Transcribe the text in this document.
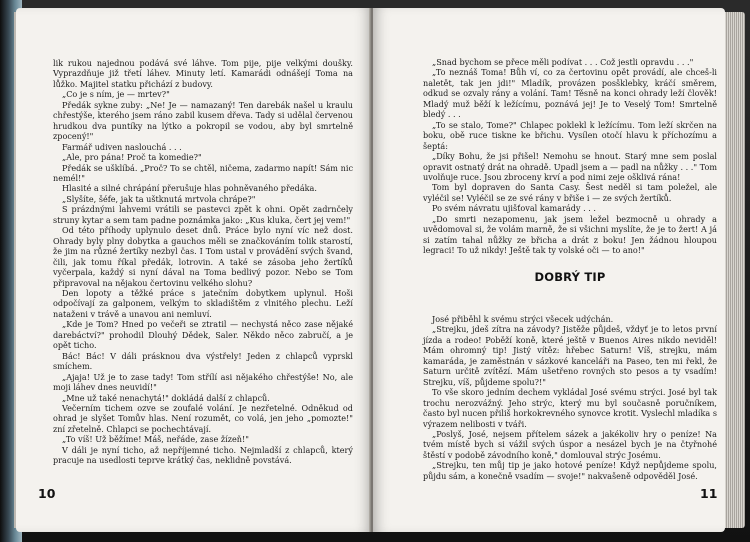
lik rukou najednou podává své láhve. Tom pije, pije velkými doušky. Vyprazdňuje již třetí láhev. Minuty letí. Kamarádi odnášejí Toma na lůžko. Majitel statku přichází z budovy.

„Co je s ním, je — mrtev?"

Předák sykne zuby: „Ne! Je — namazaný! Ten darebák našel u kraulu chřestýše, kterého jsem ráno zabil kusem dřeva. Tady si udělal červenou hrudkou dva puntíky na lýtko a pokropil se vodou, aby byl smrtelně zpocený!"

Farmář udiven naslouchá . . .

„Ale, pro pána! Proč ta komedie?"

Předák se ušklíbá. „Proč? To se chtěl, ničema, zadarmo napít! Sám nic nemél!"

Hlasité a silné chrápání přerušuje hlas pohněvaného předáka.

„Slyšíte, šéfe, jak ta uštknutá mrtvola chrápe?"

S prázdnými lahvemi vrátili se pastevci zpět k ohni. Opět zadrnčely struny kytar a sem tam padne poznámka jako: „Kus kluka, čert jej vem!"

Od této příhody uplynulo deset dnů. Práce bylo nyní víc než dost. Ohrady byly plny dobytka a gauchos měli se značkováním tolik starostí, že jim na různé žertíky nezbyl čas. I Tom ustal v provádění svých švand, čili, jak tomu říkal předák, lotrovin. A také se zásoba jeho žertíků vyčerpala, každý si nyní dával na Toma bedlivý pozor. Nebo se Tom připravoval na nějakou čertovinu velkého slohu?

Den lopoty a těžké práce s jatečním dobytkem uplynul. Hoši odpočívají za galponem, velkým to skladištěm z vlnitého plechu. Leží nataženi v trávě a unavou ani nemluví.

„Kde je Tom? Hned po večeři se ztratil — nechystá něco zase nějaké darebáctví?" prohodil Dlouhý Dědek, Saler. Někdo něco zabručí, a je opět ticho.

Bác! Bác! V dáli prásknou dva výstřely! Jeden z chlapců vyprskl smíchem.

„Ajaja! Už je to zase tady! Tom střílí asi nějakého chřestýše! No, ale moji láhev dnes neuvidí!"

„Mne už také nenachytá!" dokládá další z chlapců.

Večerním tichem ozve se zoufalé volání. Je nezřetelné. Odněkud od ohrad je slyšet Tomův hlas. Není rozumět, co volá, jen jeho „pomozte!" zní zřetelně. Chlapci se pochechtávají.

„To víš! Už běžíme! Máš, neřáde, zase žízeň!"

V dáli je nyní ticho, až nepříjemné ticho. Nejmladší z chlapců, který pracuje na usedlosti teprve krátký čas, neklidně povstává.

10

„Snad bychom se přece měli podívat . . . Což jestli opravdu . . ."

„To neznáš Toma! Bůh ví, co za čertovinu opět provádí, ale chceš-li naletět, tak jen jdi!" Mladík, provázen posšklebky, kráčí směrem, odkud se ozvaly rány a volání. Tam! Těsně na konci ohrady leží člověk! Mladý muž běží k ležícímu, poznává jej! Je to Veselý Tom! Smrtelně bledý . . .

„To se stalo, Tome?" Chlapec poklekl k ležícímu. Tom leží skrčen na boku, obě ruce tiskne ke břichu. Vysílen otočí hlavu k příchozímu a šeptá:

„Díky Bohu, že jsi přišel! Nemohu se hnout. Starý mne sem poslal opravit ostnatý drát na ohradě. Upadl jsem a — padl na nůžky . . ." Tom uvolňuje ruce. Jsou zbroceny krví a pod nimi zeje ošklivá rána!

Tom byl dopraven do Santa Casy. Šest neděl si tam poležel, ale vyléčil se! Vyléčil se ze své rány v břiše i — ze svých žertíků.

Po svém návratu ujišťoval kamarády . . .

„Do smrti nezapomenu, jak jsem ležel bezmocně u ohrady a uvědomoval si, že volám marně, že si všichni myslíte, že je to žert! A já si zatím tahal nůžky ze břicha a drát z boku! Jen žádnou hloupou legraci! To už nikdy! Ještě tak ty volské oči — to ano!"

DOBRÝ TIP

José přiběhl k svému strýci všecek udýchán.

„Strejku, jdeš zítra na závody? Jistěže půjdeš, vždyť je to letos první jízda a rodeo! Poběží koně, které ještě v Buenos Aires nikdo neviděl! Mám ohromný tip! Jistý vítěz: hřebec Saturn! Víš, strejku, mám kamaráda, je zaměstnán v sázkové kanceláři na Paseo, ten mi řekl, že Saturn určitě zvítězí. Mám ušetřeno rovných sto pesos a ty vsadím! Strejku, víš, půjdeme spolu?!"

To vše skoro jedním dechem vykládal José svému strýci. José byl tak trochu nerozvážný. Jeho strýc, který mu byl současně poručníkem, často byl nucen přiliš horkokrevného synovce krotit. Vyslechl mladíka s výrazem nelibosti v tváři.

„Poslyš, José, nejsem přítelem sázek a jakékoliv hry o peníze! Na tvém místě bych si vážil svých úspor a nesázel bych je na čtyřnohé štěstí v podobě závodního koně," domlouval strýc Josému.

„Strejku, ten můj tip je jako hotové peníze! Když nepůjdeme spolu, půjdu sám, a konečně vsadím — svoje!" nakvašeně odpověděl José.

11
